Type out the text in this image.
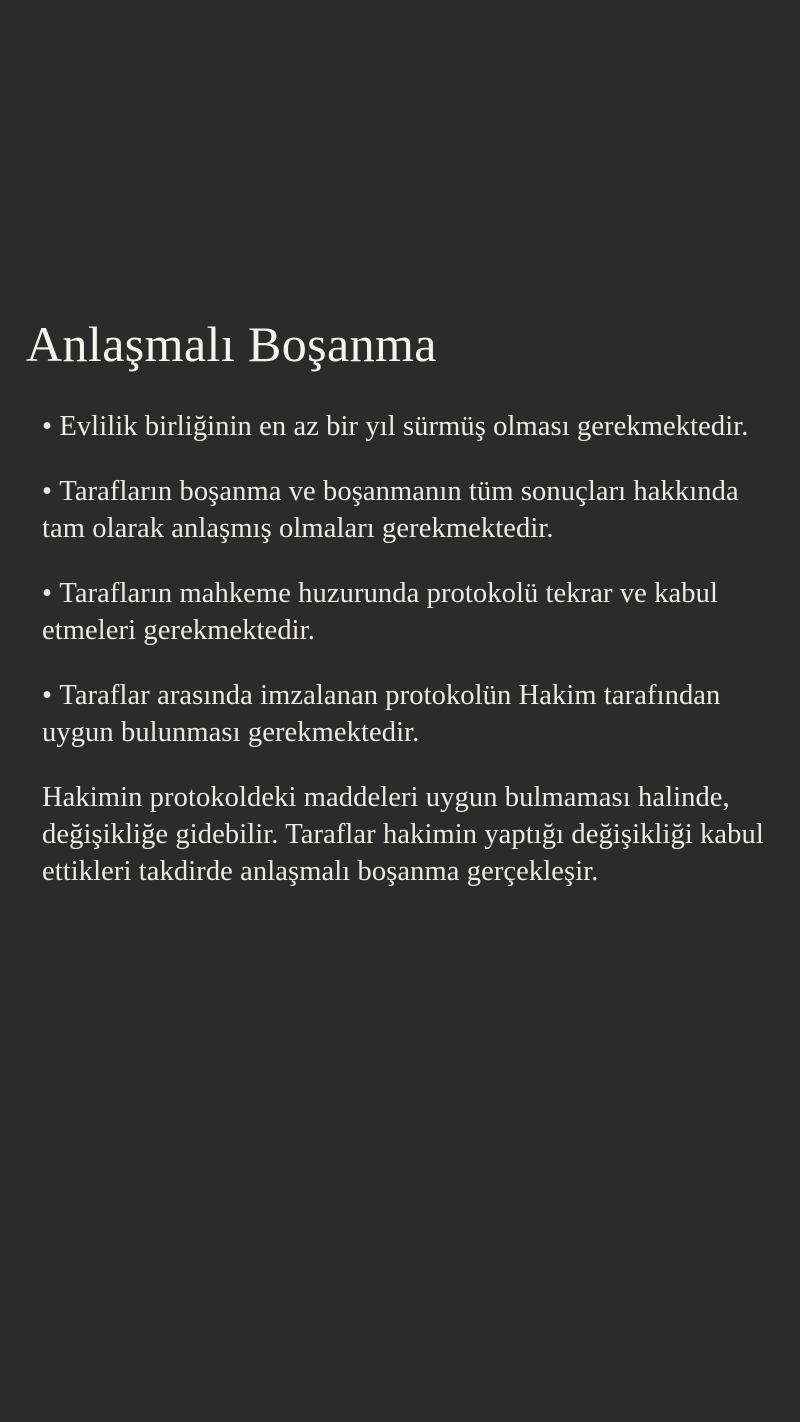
Anlaşmalı Boşanma

• Evlilik birliğinin en az bir yıl sürmüş olması gerekmektedir.

• Tarafların boşanma ve boşanmanın tüm sonuçları hakkında tam olarak anlaşmış olmaları gerekmektedir.

• Tarafların mahkeme huzurunda protokolü tekrar ve kabul etmeleri gerekmektedir.

• Taraflar arasında imzalanan protokolün Hakim tarafından uygun bulunması gerekmektedir.

Hakimin protokoldeki maddeleri uygun bulmaması halinde, değişikliğe gidebilir. Taraflar hakimin yaptığı değişikliği kabul ettikleri takdirde anlaşmalı boşanma gerçekleşir.
